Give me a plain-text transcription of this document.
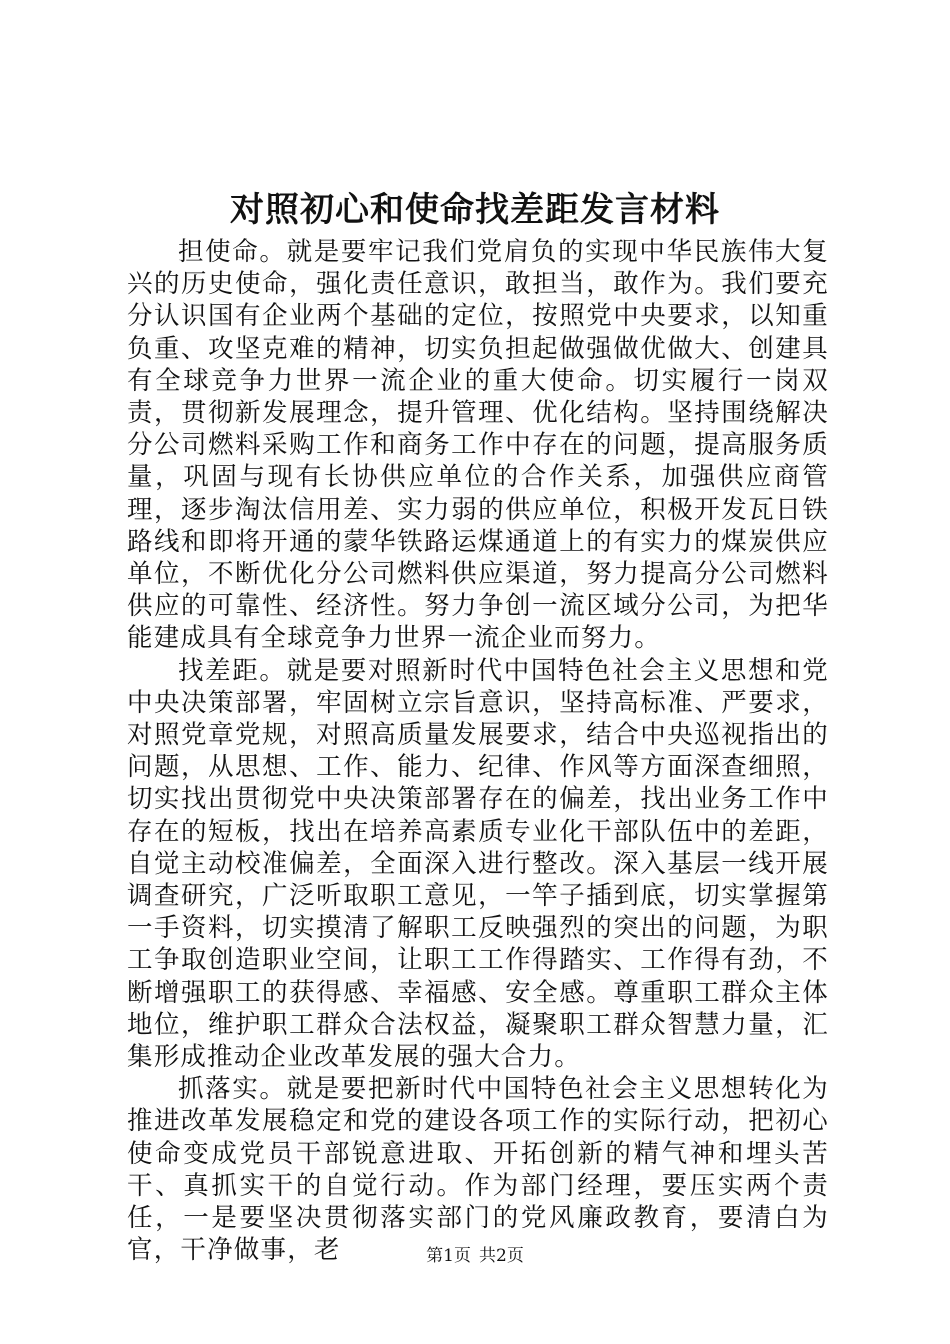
对照初心和使命找差距发言材料

担使命。就是要牢记我们党肩负的实现中华民族伟大复兴的历史使命，强化责任意识，敢担当，敢作为。我们要充分认识国有企业两个基础的定位，按照党中央要求，以知重负重、攻坚克难的精神，切实负担起做强做优做大、创建具有全球竞争力世界一流企业的重大使命。切实履行一岗双责，贯彻新发展理念，提升管理、优化结构。坚持围绕解决分公司燃料采购工作和商务工作中存在的问题，提高服务质量，巩固与现有长协供应单位的合作关系，加强供应商管理，逐步淘汰信用差、实力弱的供应单位，积极开发瓦日铁路线和即将开通的蒙华铁路运煤通道上的有实力的煤炭供应单位，不断优化分公司燃料供应渠道，努力提高分公司燃料供应的可靠性、经济性。努力争创一流区域分公司，为把华能建成具有全球竞争力世界一流企业而努力。

找差距。就是要对照新时代中国特色社会主义思想和党中央决策部署，牢固树立宗旨意识，坚持高标准、严要求，对照党章党规，对照高质量发展要求，结合中央巡视指出的问题，从思想、工作、能力、纪律、作风等方面深查细照，切实找出贯彻党中央决策部署存在的偏差，找出业务工作中存在的短板，找出在培养高素质专业化干部队伍中的差距，自觉主动校准偏差，全面深入进行整改。深入基层一线开展调查研究，广泛听取职工意见，一竿子插到底，切实掌握第一手资料，切实摸清了解职工反映强烈的突出的问题，为职工争取创造职业空间，让职工工作得踏实、工作得有劲，不断增强职工的获得感、幸福感、安全感。尊重职工群众主体地位，维护职工群众合法权益，凝聚职工群众智慧力量，汇集形成推动企业改革发展的强大合力。

抓落实。就是要把新时代中国特色社会主义思想转化为推进改革发展稳定和党的建设各项工作的实际行动，把初心使命变成党员干部锐意进取、开拓创新的精气神和埋头苦干、真抓实干的自觉行动。作为部门经理，要压实两个责任，一是要坚决贯彻落实部门的党风廉政教育，要清白为官，干净做事，老	第1页 共2页
